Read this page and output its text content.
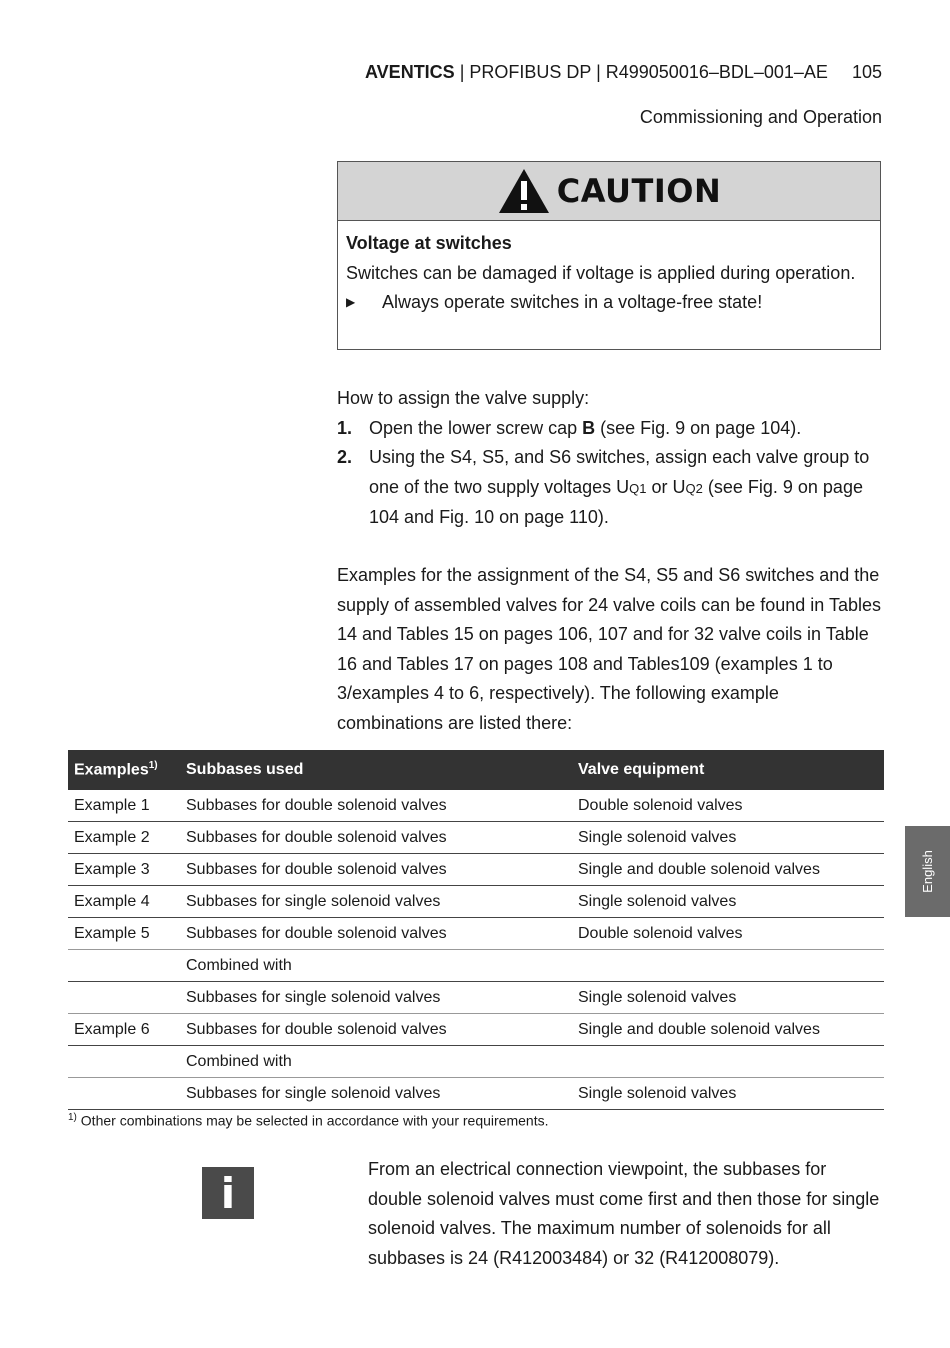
AVENTICS | PROFIBUS DP | R499050016–BDL–001–AE 105
Commissioning and Operation
CAUTION
Voltage at switches
Switches can be damaged if voltage is applied during operation.
▶	Always operate switches in a voltage-free state!
How to assign the valve supply:
1. Open the lower screw cap B (see Fig. 9 on page 104).
2. Using the S4, S5, and S6 switches, assign each valve group to one of the two supply voltages UQ1 or UQ2 (see Fig. 9 on page 104 and Fig. 10 on page 110).
Examples for the assignment of the S4, S5 and S6 switches and the supply of assembled valves for 24 valve coils can be found in Tables 14 and Tables 15 on pages 106, 107 and for 32 valve coils in Table 16 and Tables 17 on pages 108 and Tables109 (examples 1 to 3/examples 4 to 6, respectively). The following example combinations are listed there:
Examples$^{1)}$	Subbases used	Valve equipment
Example 1	Subbases for double solenoid valves	Double solenoid valves
Example 2	Subbases for double solenoid valves	Single solenoid valves
Example 3	Subbases for double solenoid valves	Single and double solenoid valves
Example 4	Subbases for single solenoid valves	Single solenoid valves
Example 5	Subbases for double solenoid valves	Double solenoid valves
	Combined with	
	Subbases for single solenoid valves	Single solenoid valves
Example 6	Subbases for double solenoid valves	Single and double solenoid valves
	Combined with	
	Subbases for single solenoid valves	Single solenoid valves
$^{1)}$ Other combinations may be selected in accordance with your requirements.
i	From an electrical connection viewpoint, the subbases for double solenoid valves must come first and then those for single solenoid valves. The maximum number of solenoids for all subbases is 24 (R412003484) or 32 (R412008079).
English
